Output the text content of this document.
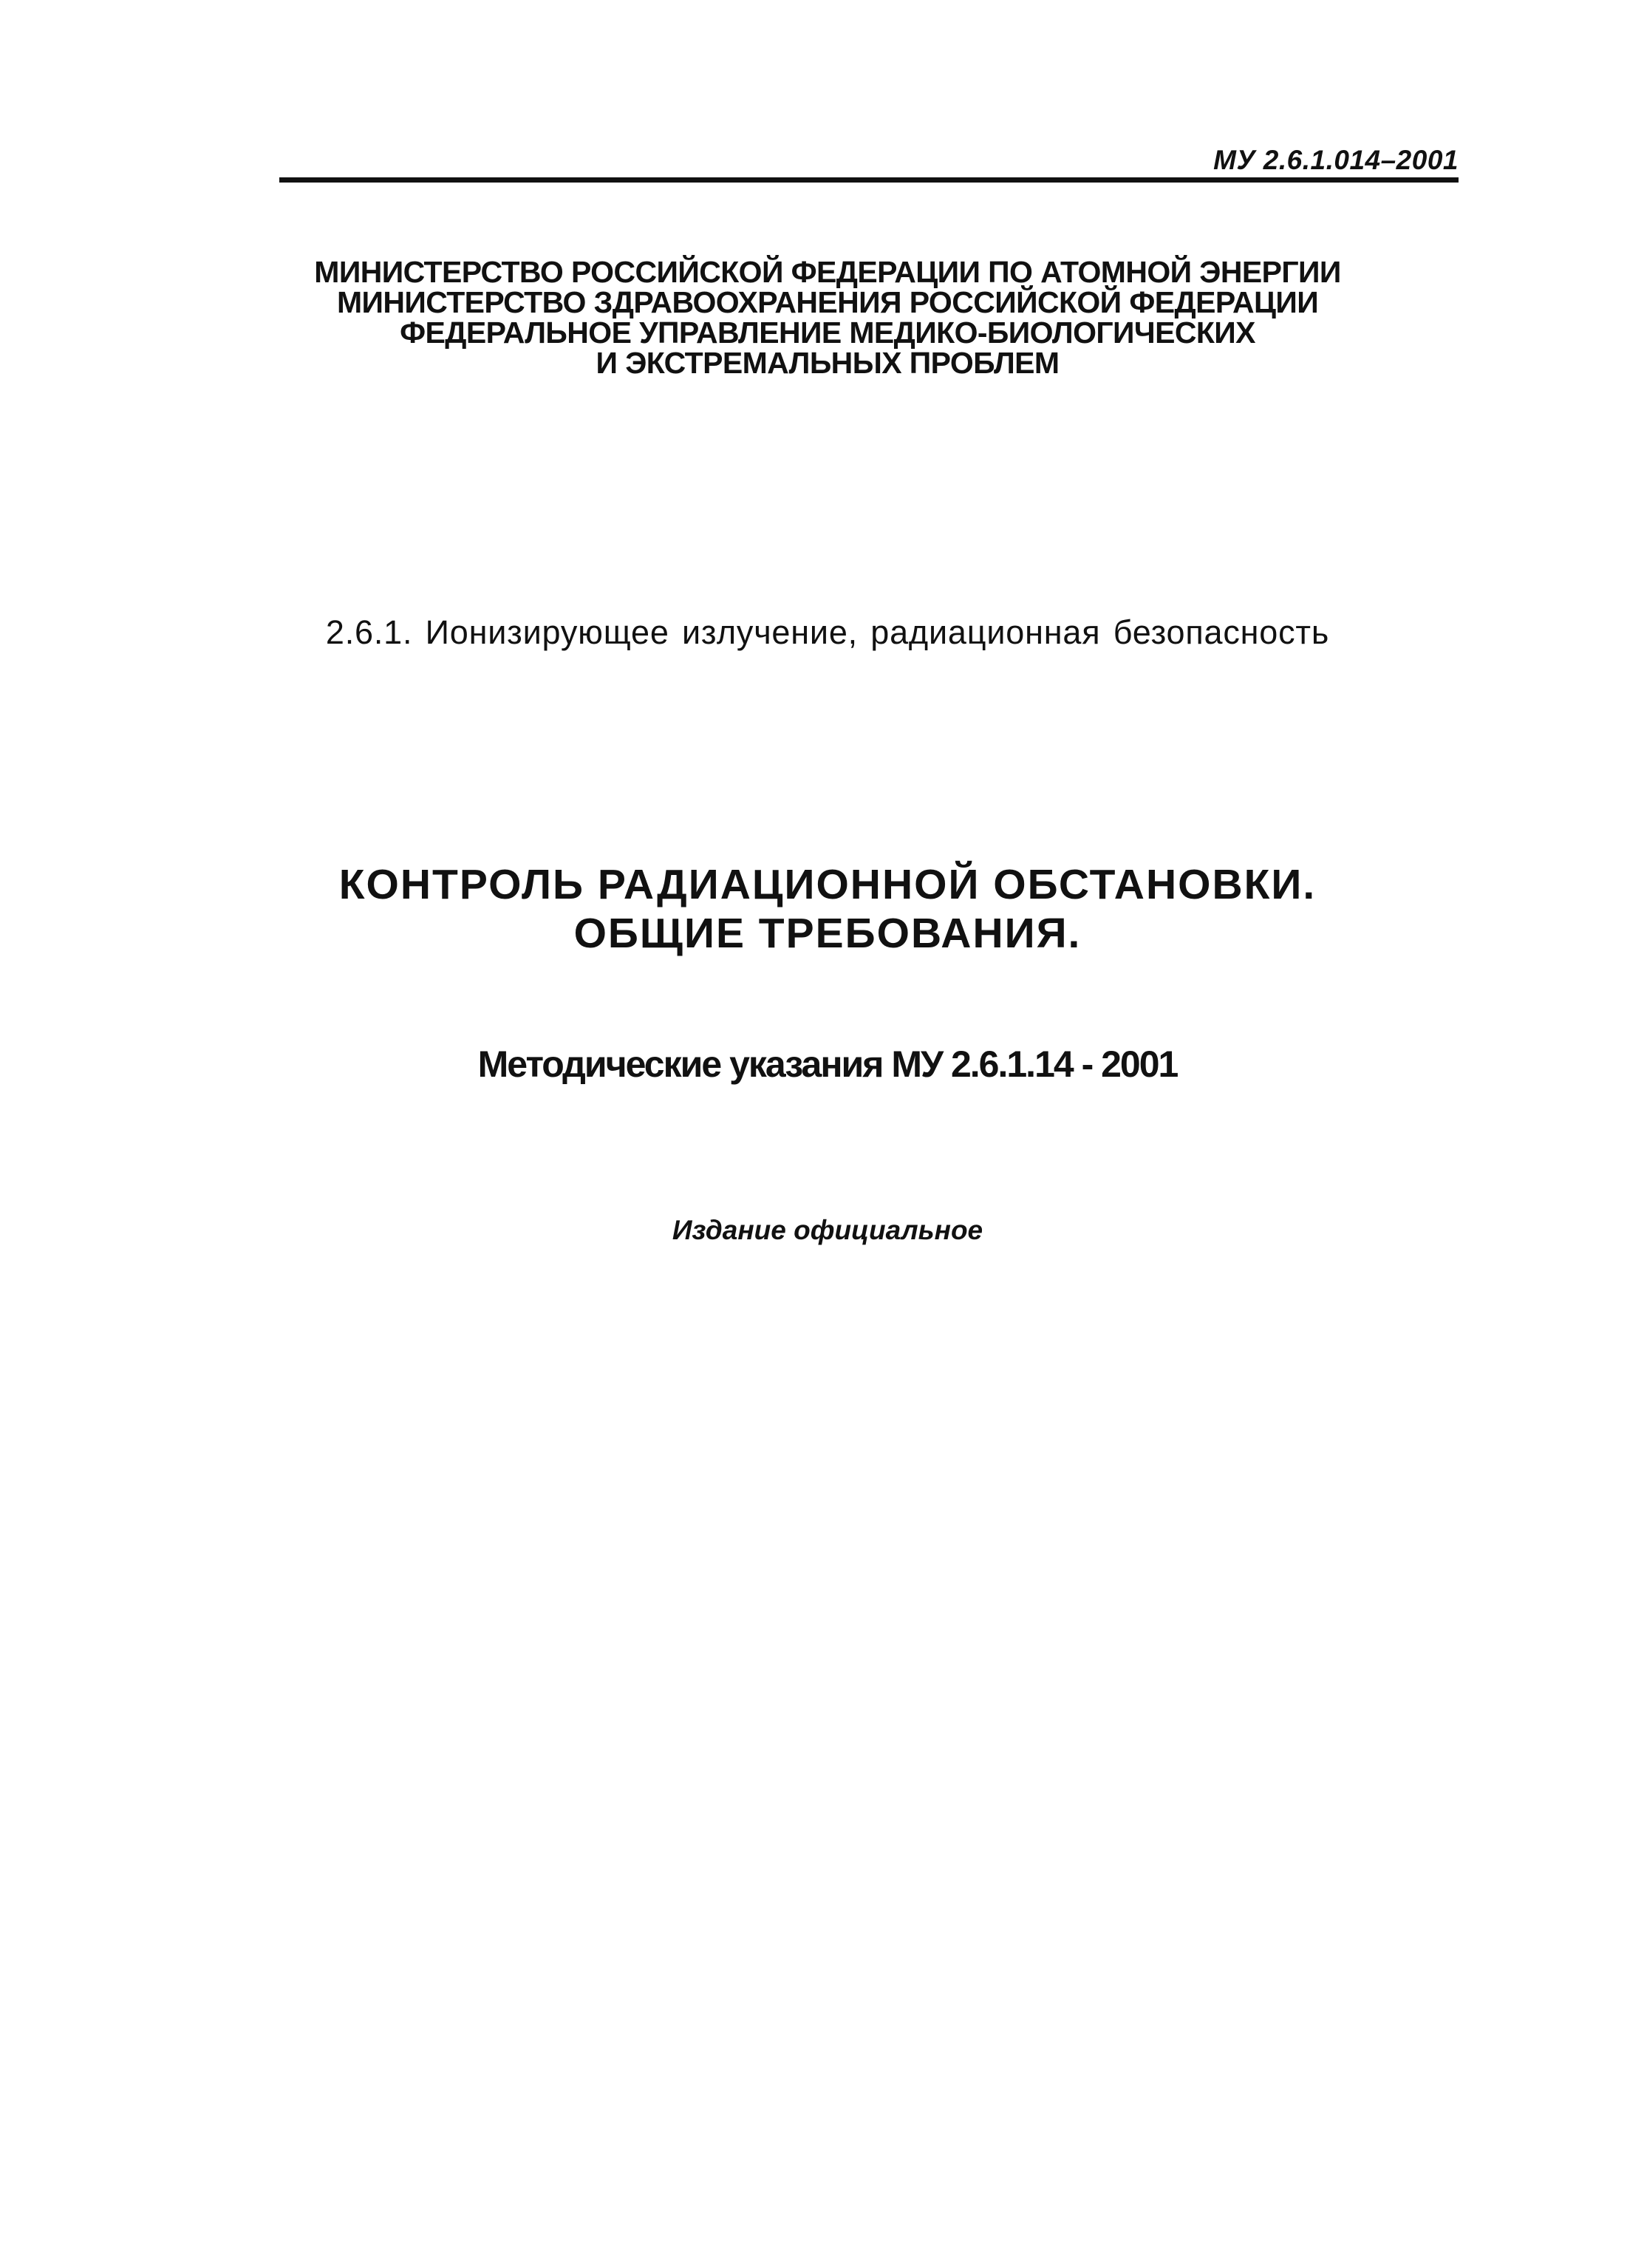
МУ 2.6.1.014–2001
МИНИСТЕРСТВО РОССИЙСКОЙ ФЕДЕРАЦИИ ПО АТОМНОЙ ЭНЕРГИИ
МИНИСТЕРСТВО ЗДРАВООХРАНЕНИЯ РОССИЙСКОЙ ФЕДЕРАЦИИ
ФЕДЕРАЛЬНОЕ УПРАВЛЕНИЕ МЕДИКО-БИОЛОГИЧЕСКИХ
И ЭКСТРЕМАЛЬНЫХ ПРОБЛЕМ
2.6.1. Ионизирующее излучение, радиационная безопасность
КОНТРОЛЬ РАДИАЦИОННОЙ ОБСТАНОВКИ.
ОБЩИЕ ТРЕБОВАНИЯ.
Методические указания МУ 2.6.1.14 - 2001
Издание официальное
